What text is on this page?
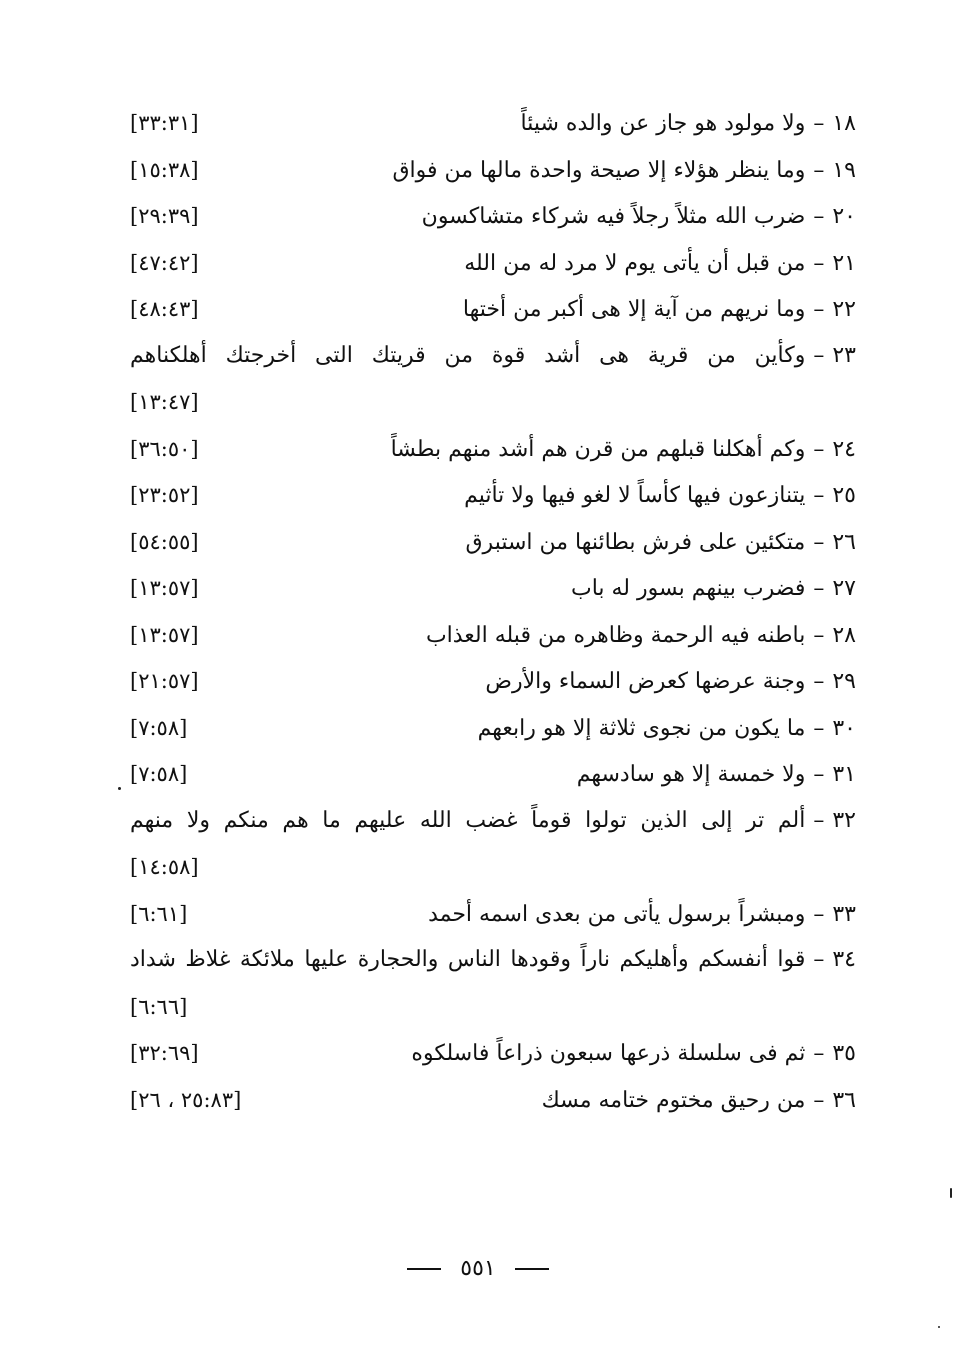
١٨–ولا مولود هو جاز عن والده شيئاً
[٣٣:٣١]
١٩–وما ينظر هؤلاء إلا صيحة واحدة مالها من فواق
[١٥:٣٨]
٢٠–ضرب الله مثلاً رجلاً فيه شركاء متشاكسون
[٢٩:٣٩]
٢١–من قبل أن يأتى يوم لا مرد له من الله
[٤٧:٤٢]
٢٢–وما نريهم من آية إلا هى أكبر من أختها
[٤٨:٤٣]
٢٣–وكأين من قرية هى أشد قوة من قريتك التى أخرجتك أهلكناهم
[١٣:٤٧]
٢٤–وكم أهكلنا قبلهم من قرن هم أشد منهم بطشاً
[٣٦:٥٠]
٢٥–يتنازعون فيها كأساً لا لغو فيها ولا تأثيم
[٢٣:٥٢]
٢٦–متكئين على فرش بطائنها من استبرق
[٥٤:٥٥]
٢٧–فضرب بينهم بسور له باب
[١٣:٥٧]
٢٨–باطنه فيه الرحمة وظاهره من قبله العذاب
[١٣:٥٧]
٢٩–وجنة عرضها كعرض السماء والأرض
[٢١:٥٧]
٣٠–ما يكون من نجوى ثلاثة إلا هو رابعهم
[٧:٥٨]
٣١–ولا خمسة إلا هو سادسهم
[٧:٥٨]
٣٢–ألم تر إلى الذين تولوا قوماً غضب الله عليهم ما هم منكم ولا منهم
[١٤:٥٨]
٣٣–ومبشراً برسول يأتى من بعدى اسمه أحمد
[٦:٦١]
٣٤–قوا أنفسكم وأهليكم ناراً وقودها الناس والحجارة عليها ملائكة غلاظ شداد
[٦:٦٦]
٣٥–ثم فى سلسلة ذرعها سبعون ذراعاً فاسلكوه
[٣٢:٦٩]
٣٦–من رحيق مختوم ختامه مسك
[٢٥:٨٣ ، ٢٦]
٥٥١
